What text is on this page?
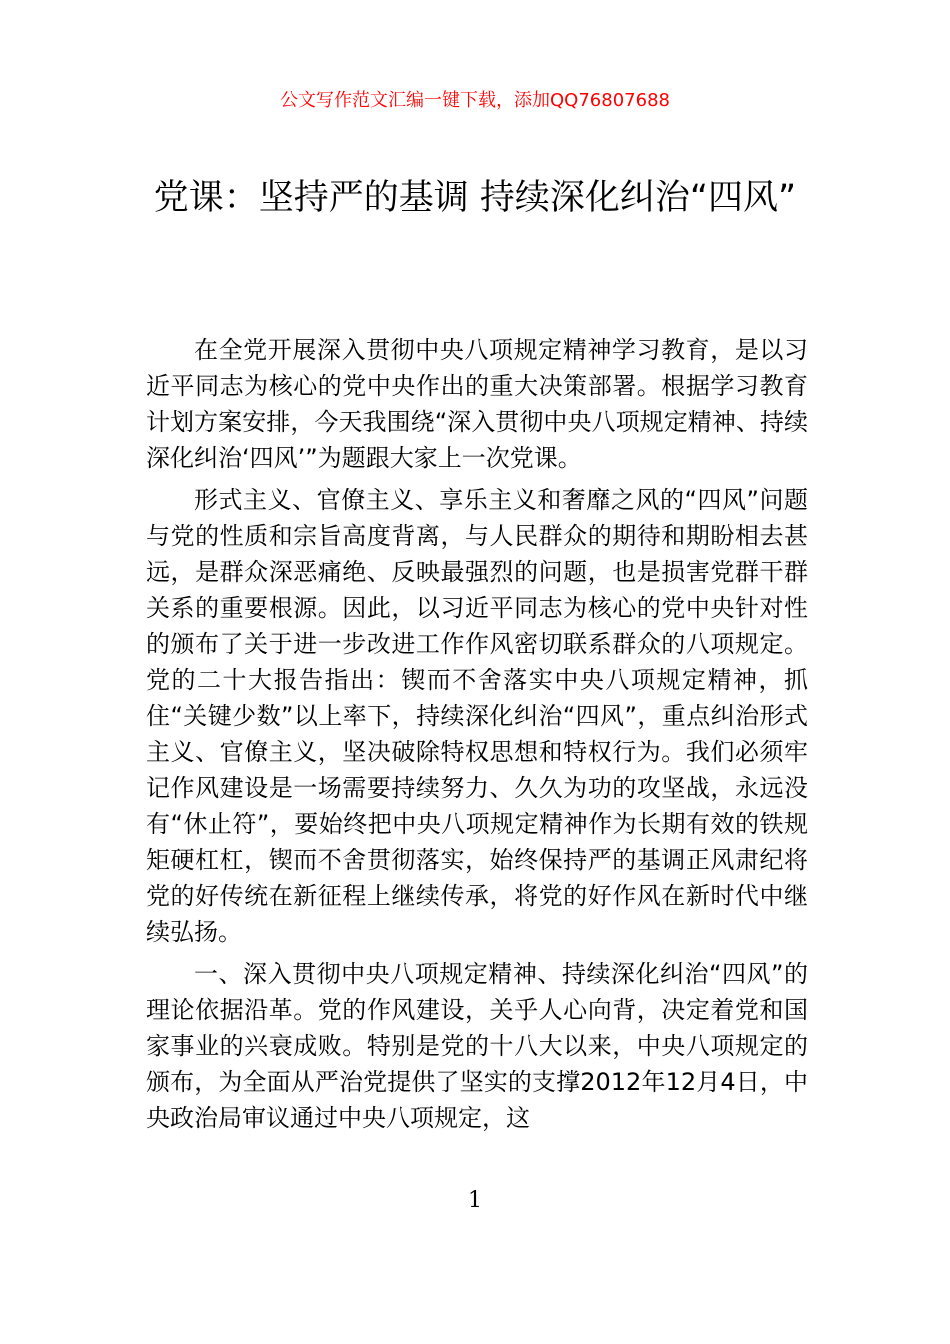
公文写作范文汇编一键下载，添加QQ76807688
党课：坚持严的基调 持续深化纠治“四风”

在全党开展深入贯彻中央八项规定精神学习教育，是以习近平同志为核心的党中央作出的重大决策部署。根据学习教育计划方案安排，今天我围绕“深入贯彻中央八项规定精神、持续深化纠治‘四风’”为题跟大家上一次党课。

形式主义、官僚主义、享乐主义和奢靡之风的“四风”问题与党的性质和宗旨高度背离，与人民群众的期待和期盼相去甚远，是群众深恶痛绝、反映最强烈的问题，也是损害党群干群关系的重要根源。因此，以习近平同志为核心的党中央针对性的颁布了关于进一步改进工作作风密切联系群众的八项规定。党的二十大报告指出：锲而不舍落实中央八项规定精神，抓住“关键少数”以上率下，持续深化纠治“四风”，重点纠治形式主义、官僚主义，坚决破除特权思想和特权行为。我们必须牢记作风建设是一场需要持续努力、久久为功的攻坚战，永远没有“休止符”，要始终把中央八项规定精神作为长期有效的铁规矩硬杠杠，锲而不舍贯彻落实，始终保持严的基调正风肃纪将党的好传统在新征程上继续传承，将党的好作风在新时代中继续弘扬。

一、深入贯彻中央八项规定精神、持续深化纠治“四风”的理论依据沿革。党的作风建设，关乎人心向背，决定着党和国家事业的兴衰成败。特别是党的十八大以来，中央八项规定的颁布，为全面从严治党提供了坚实的支撑2012年12月4日，中央政治局审议通过中央八项规定，这

1
